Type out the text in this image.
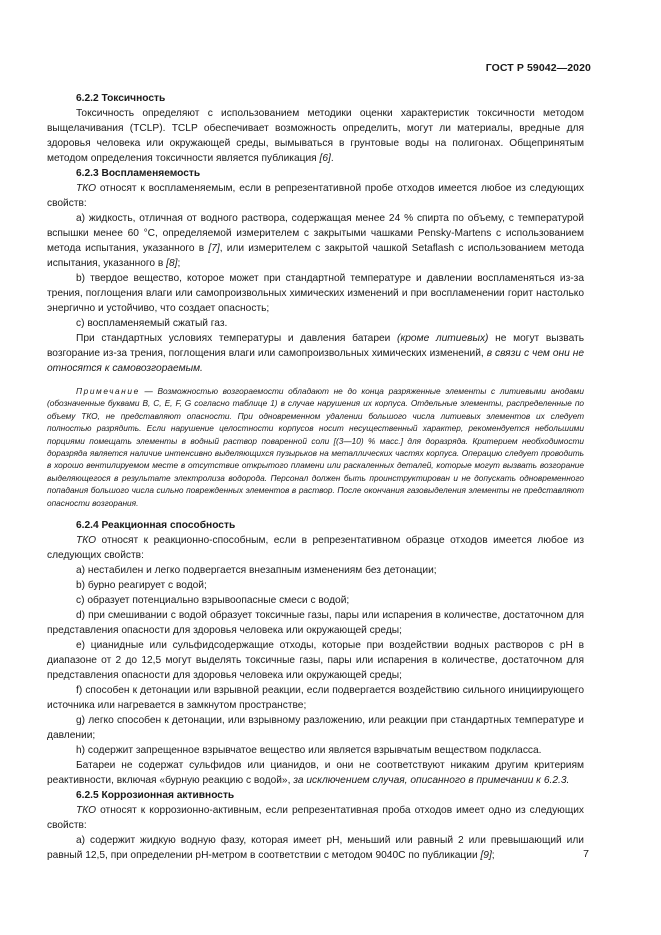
ГОСТ Р 59042—2020

6.2.2 Токсичность

Токсичность определяют с использованием методики оценки характеристик токсичности методом выщелачивания (TCLP). TCLP обеспечивает возможность определить, могут ли материалы, вредные для здоровья человека или окружающей среды, вымываться в грунтовые воды на полигонах. Общепринятым методом определения токсичности является публикация [6].

6.2.3 Воспламеняемость

ТКО относят к воспламеняемым, если в репрезентативной пробе отходов имеется любое из следующих свойств:

а) жидкость, отличная от водного раствора, содержащая менее 24 % спирта по объему, с температурой вспышки менее 60 °С, определяемой измерителем с закрытыми чашками Pensky-Martens с использованием метода испытания, указанного в [7], или измерителем с закрытой чашкой Setaflash с использованием метода испытания, указанного в [8];

b) твердое вещество, которое может при стандартной температуре и давлении воспламеняться из-за трения, поглощения влаги или самопроизвольных химических изменений и при воспламенении горит настолько энергично и устойчиво, что создает опасность;

с) воспламеняемый сжатый газ.

При стандартных условиях температуры и давления батареи (кроме литиевых) не могут вызвать возгорание из-за трения, поглощения влаги или самопроизвольных химических изменений, в связи с чем они не относятся к самовозгораемым.

Примечание — Возможностью возгораемости обладают не до конца разряженные элементы с литиевыми анодами (обозначенные буквами B, C, E, F, G согласно таблице 1) в случае нарушения их корпуса. Отдельные элементы, распределенные по объему ТКО, не представляют опасности. При одновременном удалении большого числа литиевых элементов их следует полностью разрядить. Если нарушение целостности корпусов носит несущественный характер, рекомендуется небольшими порциями помещать элементы в водный раствор поваренной соли [(3—10) % масс.] для доразряда. Критерием необходимости доразряда является наличие интенсивно выделяющихся пузырьков на металлических частях корпуса. Операцию следует проводить в хорошо вентилируемом месте в отсутствие открытого пламени или раскаленных деталей, которые могут вызвать возгорание выделяющегося в результате электролиза водорода. Персонал должен быть проинструктирован и не допускать одновременного попадания большого числа сильно поврежденных элементов в раствор. После окончания газовыделения элементы не представляют опасности возгорания.

6.2.4 Реакционная способность

ТКО относят к реакционно-способным, если в репрезентативном образце отходов имеется любое из следующих свойств:

а) нестабилен и легко подвергается внезапным изменениям без детонации;

b) бурно реагирует с водой;

с) образует потенциально взрывоопасные смеси с водой;

d) при смешивании с водой образует токсичные газы, пары или испарения в количестве, достаточном для представления опасности для здоровья человека или окружающей среды;

е) цианидные или сульфидсодержащие отходы, которые при воздействии водных растворов с pH в диапазоне от 2 до 12,5 могут выделять токсичные газы, пары или испарения в количестве, достаточном для представления опасности для здоровья человека или окружающей среды;

f) способен к детонации или взрывной реакции, если подвергается воздействию сильного инициирующего источника или нагревается в замкнутом пространстве;

g) легко способен к детонации, или взрывному разложению, или реакции при стандартных температуре и давлении;

h) содержит запрещенное взрывчатое вещество или является взрывчатым веществом подкласса.

Батареи не содержат сульфидов или цианидов, и они не соответствуют никаким другим критериям реактивности, включая «бурную реакцию с водой», за исключением случая, описанного в примечании к 6.2.3.

6.2.5 Коррозионная активность

ТКО относят к коррозионно-активным, если репрезентативная проба отходов имеет одно из следующих свойств:

а) содержит жидкую водную фазу, которая имеет pH, меньший или равный 2 или превышающий или равный 12,5, при определении pH-метром в соответствии с методом 9040C по публикации [9];	7
